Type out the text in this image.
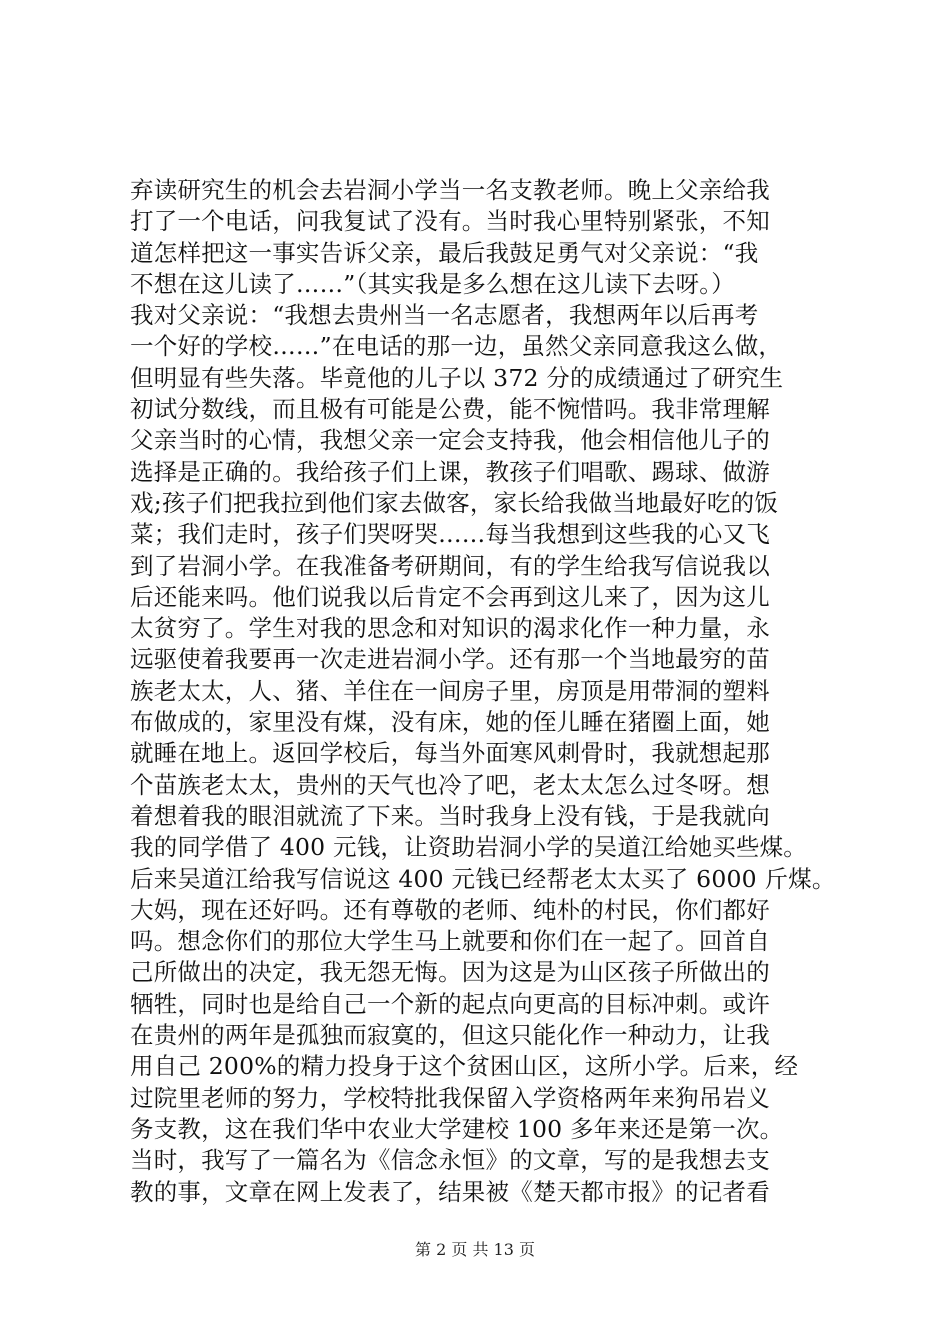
弃读研究生的机会去岩洞小学当一名支教老师。晚上父亲给我
打了一个电话，问我复试了没有。当时我心里特别紧张，不知
道怎样把这一事实告诉父亲，最后我鼓足勇气对父亲说：“我
不想在这儿读了……”（其实我是多么想在这儿读下去呀。）
我对父亲说：“我想去贵州当一名志愿者，我想两年以后再考
一个好的学校……”在电话的那一边，虽然父亲同意我这么做，
但明显有些失落。毕竟他的儿子以 372 分的成绩通过了研究生
初试分数线，而且极有可能是公费，能不惋惜吗。我非常理解
父亲当时的心情，我想父亲一定会支持我，他会相信他儿子的
选择是正确的。我给孩子们上课，教孩子们唱歌、踢球、做游
戏;孩子们把我拉到他们家去做客，家长给我做当地最好吃的饭
菜；我们走时，孩子们哭呀哭……每当我想到这些我的心又飞
到了岩洞小学。在我准备考研期间，有的学生给我写信说我以
后还能来吗。他们说我以后肯定不会再到这儿来了，因为这儿
太贫穷了。学生对我的思念和对知识的渴求化作一种力量，永
远驱使着我要再一次走进岩洞小学。还有那一个当地最穷的苗
族老太太，人、猪、羊住在一间房子里，房顶是用带洞的塑料
布做成的，家里没有煤，没有床，她的侄儿睡在猪圈上面，她
就睡在地上。返回学校后，每当外面寒风刺骨时，我就想起那
个苗族老太太，贵州的天气也冷了吧，老太太怎么过冬呀。想
着想着我的眼泪就流了下来。当时我身上没有钱，于是我就向
我的同学借了 400 元钱，让资助岩洞小学的吴道江给她买些煤。
后来吴道江给我写信说这 400 元钱已经帮老太太买了 6000 斤煤。
大妈，现在还好吗。还有尊敬的老师、纯朴的村民，你们都好
吗。想念你们的那位大学生马上就要和你们在一起了。回首自
己所做出的决定，我无怨无悔。因为这是为山区孩子所做出的
牺牲，同时也是给自己一个新的起点向更高的目标冲刺。或许
在贵州的两年是孤独而寂寞的，但这只能化作一种动力，让我
用自己 200%的精力投身于这个贫困山区，这所小学。后来，经
过院里老师的努力，学校特批我保留入学资格两年来狗吊岩义
务支教，这在我们华中农业大学建校 100 多年来还是第一次。
当时，我写了一篇名为《信念永恒》的文章，写的是我想去支
教的事，文章在网上发表了，结果被《楚天都市报》的记者看
第 2 页 共 13 页
